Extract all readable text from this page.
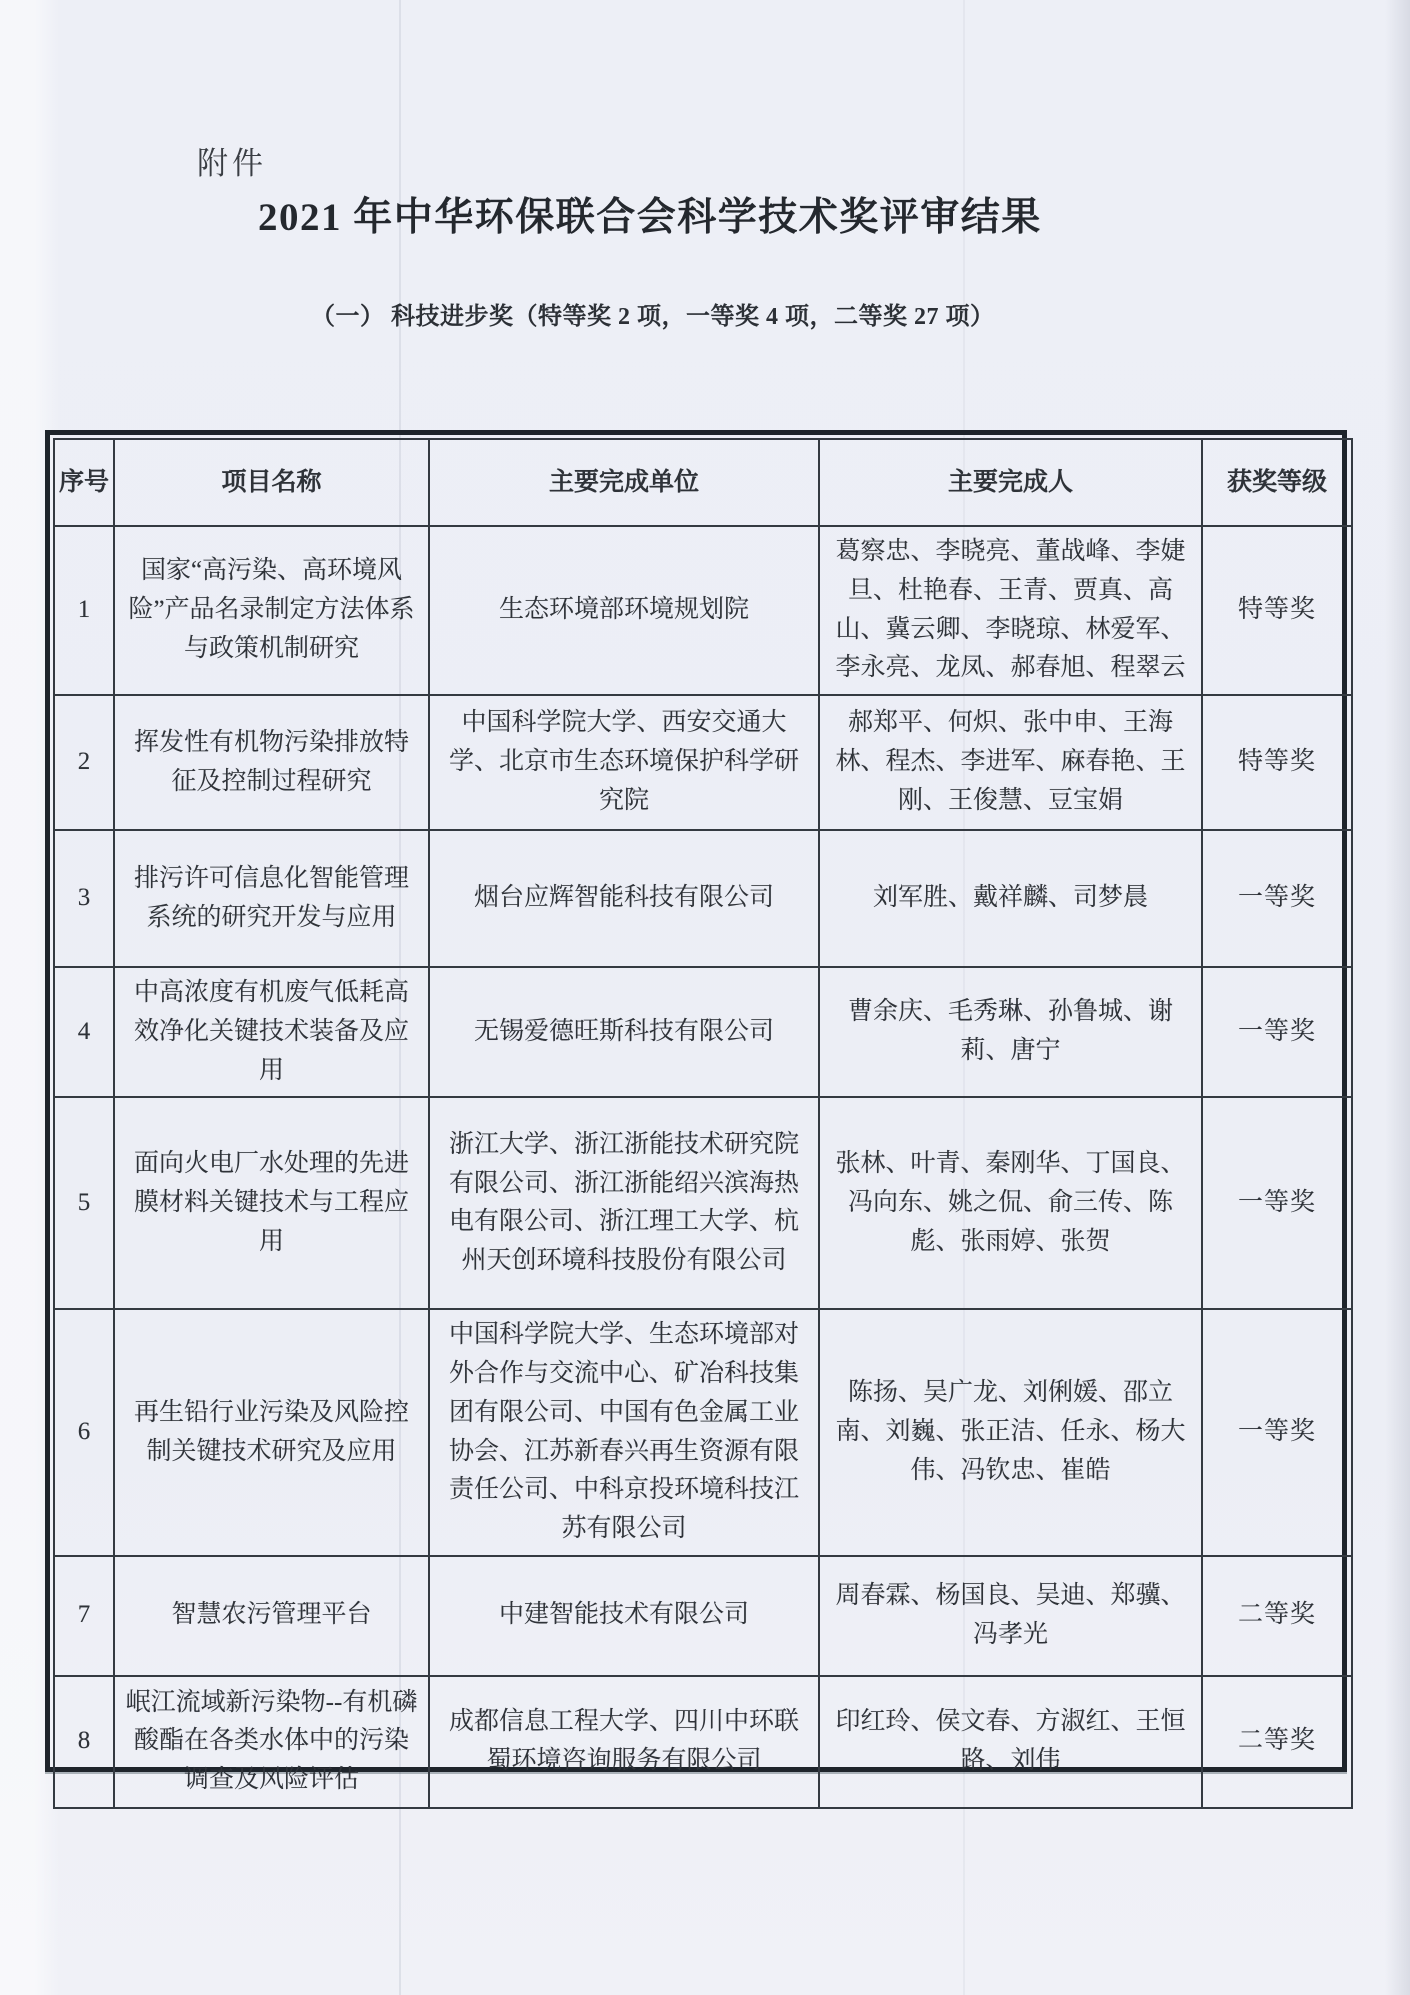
附件
2021 年中华环保联合会科学技术奖评审结果
（一） 科技进步奖（特等奖 2 项，一等奖 4 项，二等奖 27 项）
序号	项目名称	主要完成单位	主要完成人	获奖等级
1	国家“高污染、高环境风险”产品名录制定方法体系与政策机制研究	生态环境部环境规划院	葛察忠、李晓亮、董战峰、李婕旦、杜艳春、王青、贾真、高山、冀云卿、李晓琼、林爱军、李永亮、龙凤、郝春旭、程翠云	特等奖
2	挥发性有机物污染排放特征及控制过程研究	中国科学院大学、西安交通大学、北京市生态环境保护科学研究院	郝郑平、何炽、张中申、王海林、程杰、李进军、麻春艳、王刚、王俊慧、豆宝娟	特等奖
3	排污许可信息化智能管理系统的研究开发与应用	烟台应辉智能科技有限公司	刘军胜、戴祥麟、司梦晨	一等奖
4	中高浓度有机废气低耗高效净化关键技术装备及应用	无锡爱德旺斯科技有限公司	曹余庆、毛秀琳、孙鲁城、谢莉、唐宁	一等奖
5	面向火电厂水处理的先进膜材料关键技术与工程应用	浙江大学、浙江浙能技术研究院有限公司、浙江浙能绍兴滨海热电有限公司、浙江理工大学、杭州天创环境科技股份有限公司	张林、叶青、秦刚华、丁国良、冯向东、姚之侃、俞三传、陈彪、张雨婷、张贺	一等奖
6	再生铅行业污染及风险控制关键技术研究及应用	中国科学院大学、生态环境部对外合作与交流中心、矿冶科技集团有限公司、中国有色金属工业协会、江苏新春兴再生资源有限责任公司、中科京投环境科技江苏有限公司	陈扬、吴广龙、刘俐媛、邵立南、刘巍、张正洁、任永、杨大伟、冯钦忠、崔皓	一等奖
7	智慧农污管理平台	中建智能技术有限公司	周春霖、杨国良、吴迪、郑骥、冯孝光	二等奖
8	岷江流域新污染物--有机磷酸酯在各类水体中的污染调查及风险评估	成都信息工程大学、四川中环联蜀环境咨询服务有限公司	印红玲、侯文春、方淑红、王恒路、刘伟	二等奖
